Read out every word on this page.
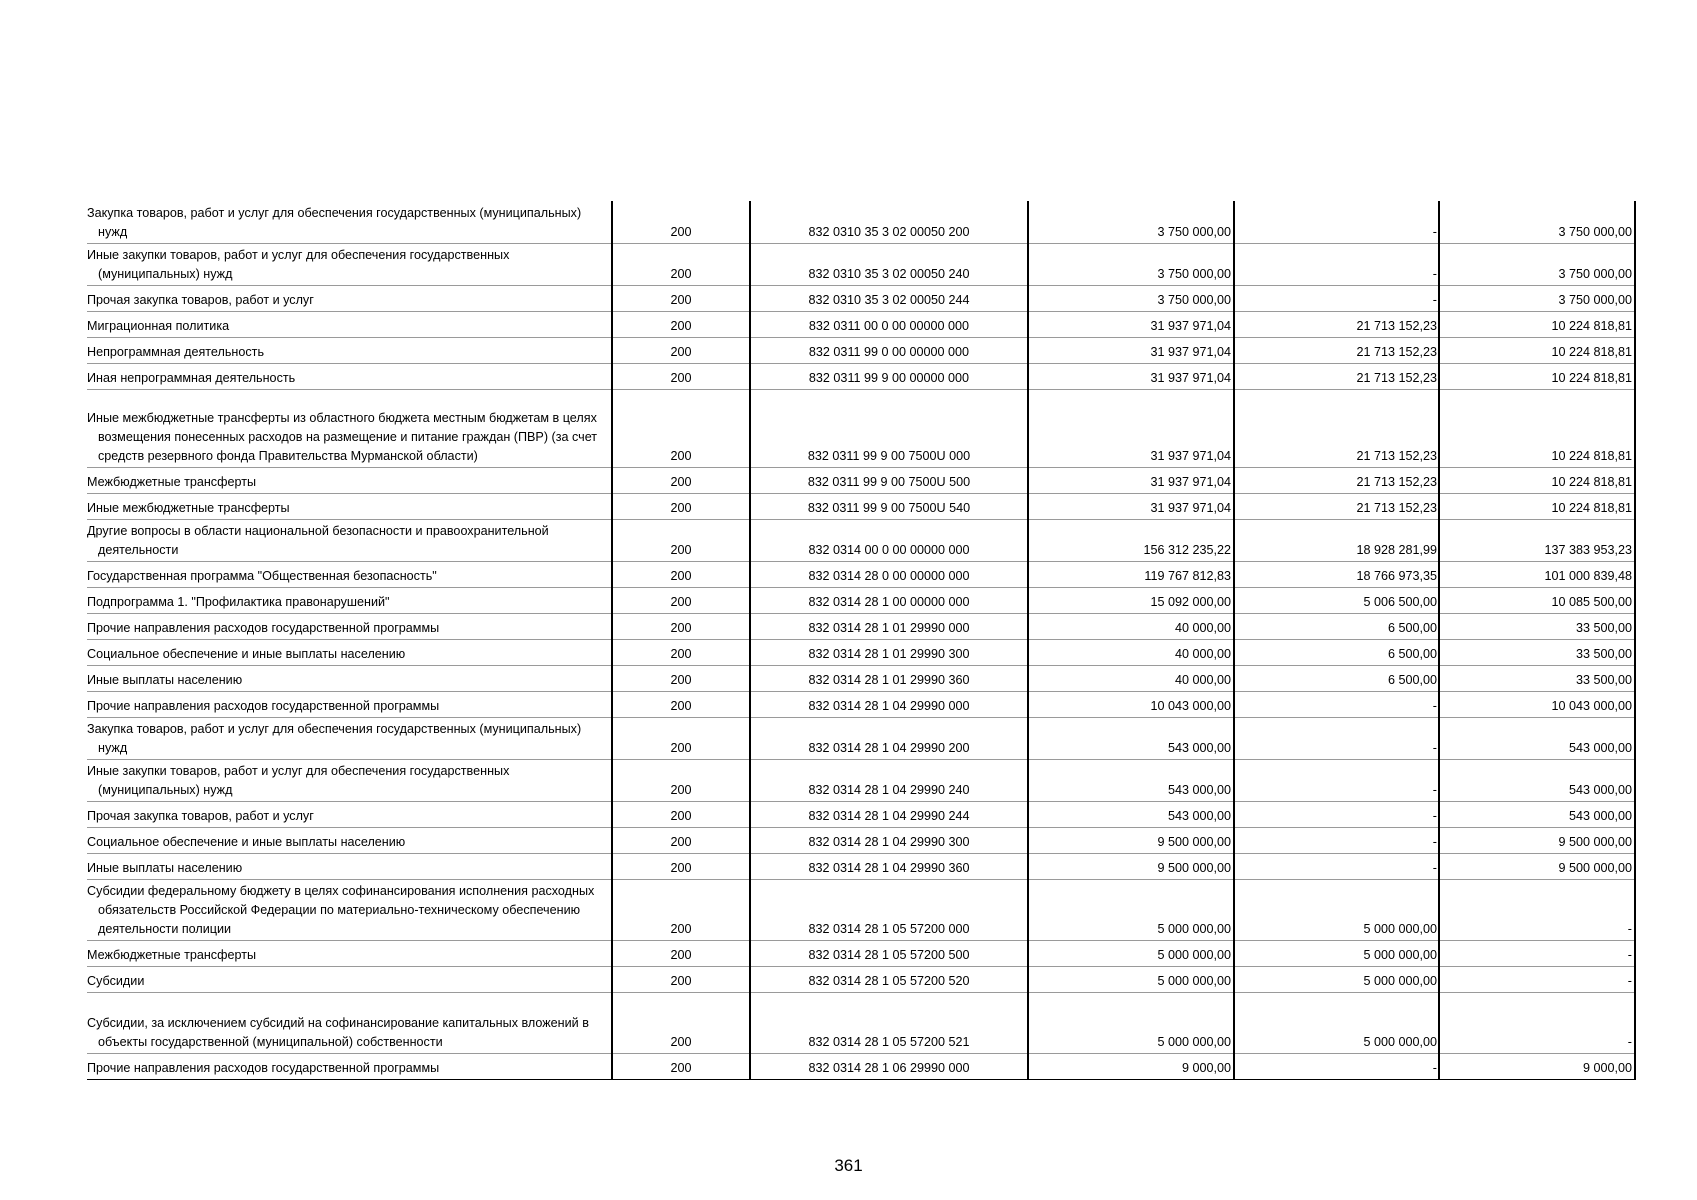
Закупка товаров, работ и услуг для обеспечения государственных (муниципальных) нужд	200	832 0310 35 3 02 00050 200	3 750 000,00	-	3 750 000,00

Иные закупки товаров, работ и услуг для обеспечения государственных (муниципальных) нужд	200	832 0310 35 3 02 00050 240	3 750 000,00	-	3 750 000,00

Прочая закупка товаров, работ и услуг	200	832 0310 35 3 02 00050 244	3 750 000,00	-	3 750 000,00

Миграционная политика	200	832 0311 00 0 00 00000 000	31 937 971,04	21 713 152,23	10 224 818,81

Непрограммная деятельность	200	832 0311 99 0 00 00000 000	31 937 971,04	21 713 152,23	10 224 818,81

Иная непрограммная деятельность	200	832 0311 99 9 00 00000 000	31 937 971,04	21 713 152,23	10 224 818,81

Иные межбюджетные трансферты из областного бюджета местным бюджетам в целях возмещения понесенных расходов на размещение и питание граждан (ПВР) (за счет средств резервного фонда Правительства Мурманской области)	200	832 0311 99 9 00 7500U 000	31 937 971,04	21 713 152,23	10 224 818,81

Межбюджетные трансферты	200	832 0311 99 9 00 7500U 500	31 937 971,04	21 713 152,23	10 224 818,81

Иные межбюджетные трансферты	200	832 0311 99 9 00 7500U 540	31 937 971,04	21 713 152,23	10 224 818,81

Другие вопросы в области национальной безопасности и правоохранительной деятельности	200	832 0314 00 0 00 00000 000	156 312 235,22	18 928 281,99	137 383 953,23

Государственная программа "Общественная безопасность"	200	832 0314 28 0 00 00000 000	119 767 812,83	18 766 973,35	101 000 839,48

Подпрограмма 1. "Профилактика правонарушений"	200	832 0314 28 1 00 00000 000	15 092 000,00	5 006 500,00	10 085 500,00

Прочие направления расходов государственной программы	200	832 0314 28 1 01 29990 000	40 000,00	6 500,00	33 500,00

Социальное обеспечение и иные выплаты населению	200	832 0314 28 1 01 29990 300	40 000,00	6 500,00	33 500,00

Иные выплаты населению	200	832 0314 28 1 01 29990 360	40 000,00	6 500,00	33 500,00

Прочие направления расходов государственной программы	200	832 0314 28 1 04 29990 000	10 043 000,00	-	10 043 000,00

Закупка товаров, работ и услуг для обеспечения государственных (муниципальных) нужд	200	832 0314 28 1 04 29990 200	543 000,00	-	543 000,00

Иные закупки товаров, работ и услуг для обеспечения государственных (муниципальных) нужд	200	832 0314 28 1 04 29990 240	543 000,00	-	543 000,00

Прочая закупка товаров, работ и услуг	200	832 0314 28 1 04 29990 244	543 000,00	-	543 000,00

Социальное обеспечение и иные выплаты населению	200	832 0314 28 1 04 29990 300	9 500 000,00	-	9 500 000,00

Иные выплаты населению	200	832 0314 28 1 04 29990 360	9 500 000,00	-	9 500 000,00

Субсидии федеральному бюджету в целях софинансирования исполнения расходных обязательств Российской Федерации по материально-техническому обеспечению деятельности полиции	200	832 0314 28 1 05 57200 000	5 000 000,00	5 000 000,00	-

Межбюджетные трансферты	200	832 0314 28 1 05 57200 500	5 000 000,00	5 000 000,00	-

Субсидии	200	832 0314 28 1 05 57200 520	5 000 000,00	5 000 000,00	-

Субсидии, за исключением субсидий на софинансирование капитальных вложений в объекты государственной (муниципальной) собственности	200	832 0314 28 1 05 57200 521	5 000 000,00	5 000 000,00	-

Прочие направления расходов государственной программы	200	832 0314 28 1 06 29990 000	9 000,00	-	9 000,00
361
